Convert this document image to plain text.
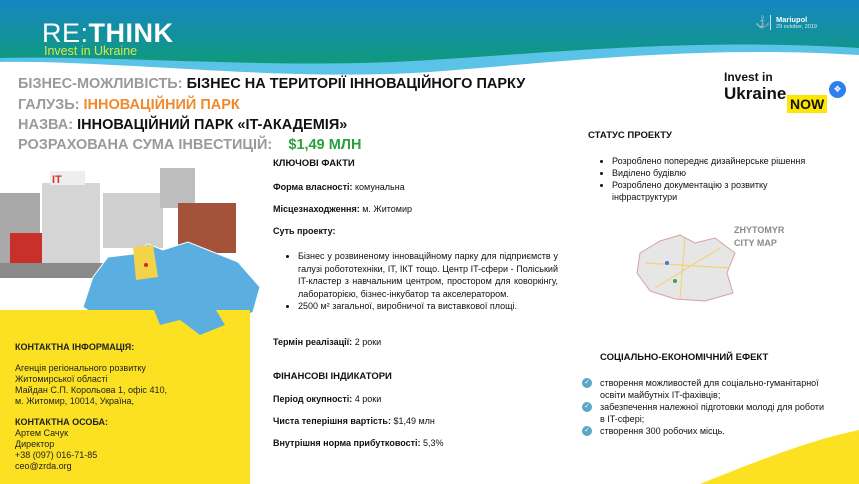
RE:THINK
Invest in Ukraine
⚓ Mariupol
29 october, 2019
Invest in
Ukraine
NOW
❖
БІЗНЕС-МОЖЛИВІСТЬ: БІЗНЕС НА ТЕРИТОРІЇ ІННОВАЦІЙНОГО ПАРКУ
ГАЛУЗЬ: ІННОВАЦІЙНИЙ ПАРК
НАЗВА: ІННОВАЦІЙНИЙ ПАРК «IT-АКАДЕМІЯ»
РОЗРАХОВАНА СУМА ІНВЕСТИЦІЙ: $1,49 МЛН
IT
КЛЮЧОВІ ФАКТИ
Форма власності: комунальна
Місцезнаходження: м. Житомир
Суть проекту:
• Бізнес у розвиненому інноваційному парку для підприємств у галузі робототехніки, IT, ІКТ тощо. Центр IT-сфери - Поліський IT-кластер з навчальним центром, простором для коворкінгу, лабораторією, бізнес-інкубатор та акселератором.
• 2500 м² загальної, виробничої та виставкової площі.
Термін реалізації: 2 роки
ФІНАНСОВІ ІНДИКАТОРИ
Період окупності: 4 роки
Чиста теперішня вартість: $1,49 млн
Внутрішня норма прибутковості: 5,3%
СТАТУС ПРОЕКТУ
• Розроблено попереднє дизайнерське рішення
• Виділено будівлю
• Розроблено документацію з розвитку інфраструктури
ZHYTOMYR
CITY MAP
СОЦІАЛЬНО-ЕКОНОМІЧНИЙ ЕФЕКТ
✓ створення можливостей для соціально-гуманітарної освіти майбутніх IT-фахівців;
✓ забезпечення належної підготовки молоді для роботи в IT-сфері;
✓ створення 300 робочих місць.
КОНТАКТНА ІНФОРМАЦІЯ:
Агенція регіонального розвитку
Житомирської області
Майдан С.П. Корольова 1, офіс 410,
м. Житомир, 10014, Україна,
КОНТАКТНА ОСОБА:
Артем Сачук
Директор
+38 (097) 016-71-85
ceo@zrda.org
